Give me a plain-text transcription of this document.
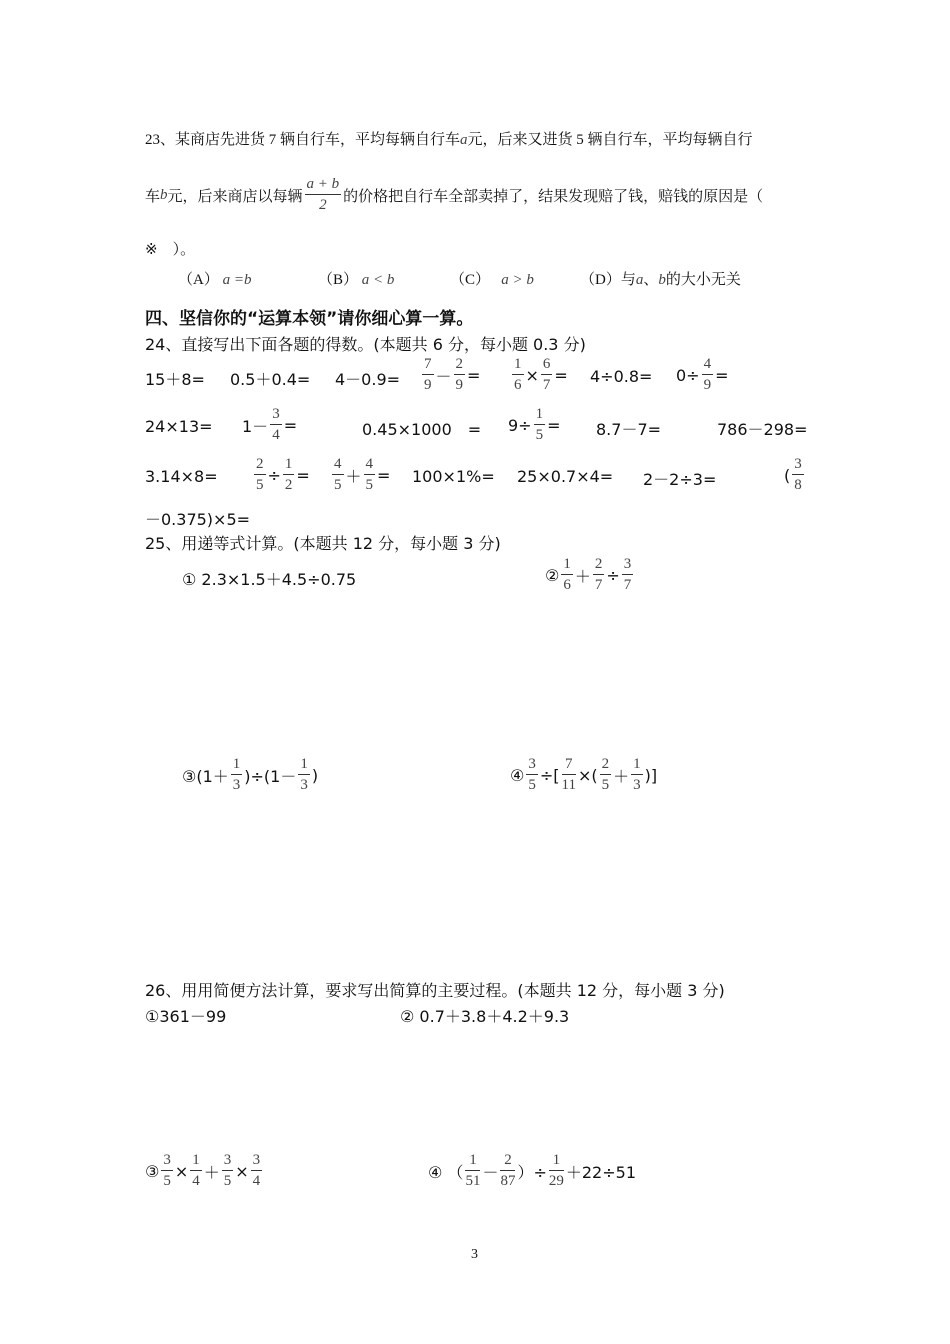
23、某商店先进货 7 辆自行车，平均每辆自行车a元，后来又进货 5 辆自行车，平均每辆自行
车b元，后来商店以每辆 $\frac{a + b}{2}$ 的价格把自行车全部卖掉了，结果发现赔了钱，赔钱的原因是（
※　）。
（A） a =b	（B） a < b	（C）　 a > b	（D）与a、b的大小无关
四、坚信你的“运算本领”请你细心算一算。
24、直接写出下面各题的得数。(本题共 6 分，每小题 0.3 分)
$15+8= 0.5+0.4= 4-0.9= \frac{7}{9} - \frac{2}{9} = \frac{1}{6} \times \frac{6}{7} = 4\div 0.8= 0\div \frac{4}{9}$ =
$24\times 13= 1- \frac{3}{4}$ =	0.45×1000　= $9\div \frac{1}{5} = 8.7-7=$	786－298=
$3.14\times 8= \frac{2}{5} \div \frac{1}{2} = \frac{4}{5} + \frac{4}{5} = 100\times 1\%= 25\times 0.7\times 4= 2-2\div 3=$	( $\frac{3}{8}$
－0.375)×5=
25、用递等式计算。(本题共 12 分，每小题 3 分)
① 2.3×1.5＋4.5÷0.75	② $\frac{1}{6} + \frac{2}{7} \div \frac{3}{7}$
③(1＋ $\frac{1}{3} )\div(1- \frac{1}{3}$ )	④ $\frac{3}{5}$ ÷[ $\frac{7}{11}$ ×( $\frac{2}{5} + \frac{1}{3}$ )]
26、用用简便方法计算，要求写出简算的主要过程。(本题共 12 分，每小题 3 分)
①361－99	② 0.7＋3.8＋4.2＋9.3
③ $\frac{3}{5} \times \frac{1}{4} + \frac{3}{5} \times \frac{3}{4}$	④ （ $\frac{1}{51} - \frac{2}{87}$ ）÷ $\frac{1}{29} +22\div 51$
3
